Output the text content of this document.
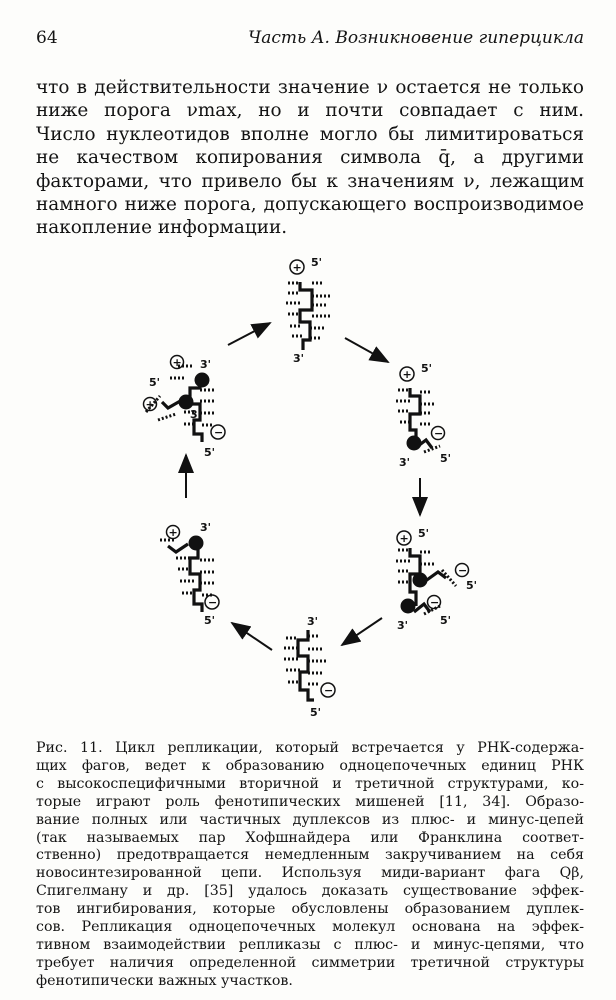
64	Часть А. Возникновение гиперцикла

что в действительности значение ν остается не только
ниже порога νmax, но и почти совпадает с ним.
Число нуклеотидов вполне могло бы лимитироваться
не качеством копирования символа q̄, а другими
факторами, что привело бы к значениям ν, лежащим
намного ниже порога, допускающего воспроизводимое
накопление информации.

+ 5'
3'
+ 5'
−
3'	5'
+ 5'
−
5'
−
3'	5'
−
3'
5'
+ 3'
−
5'
+ 3'
+
5'
3'
−
5'

Рис. 11. Цикл репликации, который встречается у РНК-содержа-
щих фагов, ведет к образованию одноцепочечных единиц РНК
с высокоспецифичными вторичной и третичной структурами, ко-
торые играют роль фенотипических мишеней [11, 34]. Образо-
вание полных или частичных дуплексов из плюс- и минус-цепей
(так называемых пар Хофшнайдера или Франклина соответ-
ственно) предотвращается немедленным закручиванием на себя
новосинтезированной цепи. Используя миди-вариант фага Qβ,
Спигелману и др. [35] удалось доказать существование эффек-
тов ингибирования, которые обусловлены образованием дуплек-
сов. Репликация одноцепочечных молекул основана на эффек-
тивном взаимодействии репликазы с плюс- и минус-цепями, что
требует наличия определенной симметрии третичной структуры
фенотипически важных участков.
